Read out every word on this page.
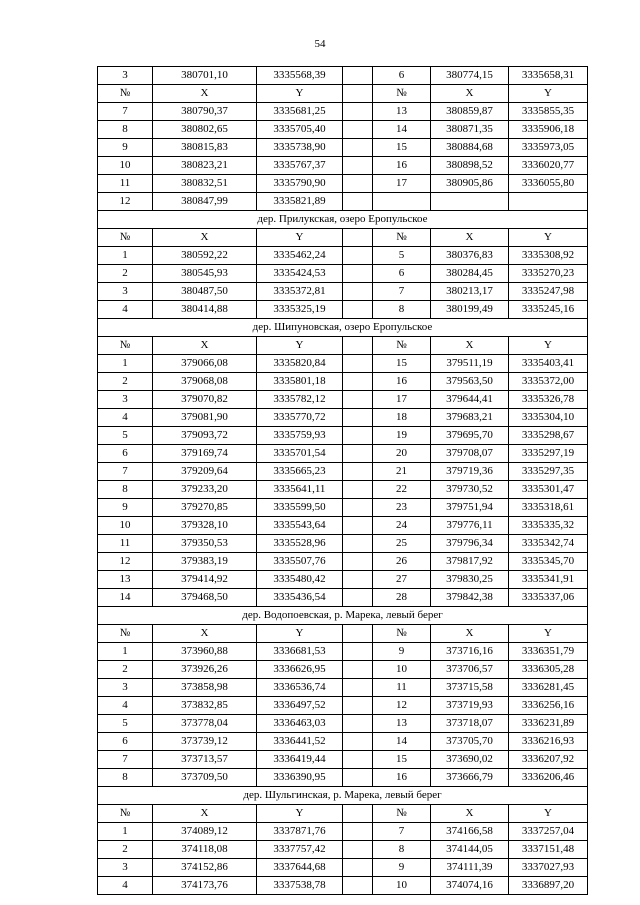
54
3	380701,10	3335568,39		6	380774,15	3335658,31
№	X	Y		№	X	Y
7	380790,37	3335681,25		13	380859,87	3335855,35
8	380802,65	3335705,40		14	380871,35	3335906,18
9	380815,83	3335738,90		15	380884,68	3335973,05
10	380823,21	3335767,37		16	380898,52	3336020,77
11	380832,51	3335790,90		17	380905,86	3336055,80
12	380847,99	3335821,89				
дер. Прилукская, озеро Еропульское						
№	X	Y		№	X	Y
1	380592,22	3335462,24		5	380376,83	3335308,92
2	380545,93	3335424,53		6	380284,45	3335270,23
3	380487,50	3335372,81		7	380213,17	3335247,98
4	380414,88	3335325,19		8	380199,49	3335245,16
дер. Шипуновская, озеро Еропульское						
№	X	Y		№	X	Y
1	379066,08	3335820,84		15	379511,19	3335403,41
2	379068,08	3335801,18		16	379563,50	3335372,00
3	379070,82	3335782,12		17	379644,41	3335326,78
4	379081,90	3335770,72		18	379683,21	3335304,10
5	379093,72	3335759,93		19	379695,70	3335298,67
6	379169,74	3335701,54		20	379708,07	3335297,19
7	379209,64	3335665,23		21	379719,36	3335297,35
8	379233,20	3335641,11		22	379730,52	3335301,47
9	379270,85	3335599,50		23	379751,94	3335318,61
10	379328,10	3335543,64		24	379776,11	3335335,32
11	379350,53	3335528,96		25	379796,34	3335342,74
12	379383,19	3335507,76		26	379817,92	3335345,70
13	379414,92	3335480,42		27	379830,25	3335341,91
14	379468,50	3335436,54		28	379842,38	3335337,06
дер. Водопоевская, р. Марека, левый берег						
№	X	Y		№	X	Y
1	373960,88	3336681,53		9	373716,16	3336351,79
2	373926,26	3336626,95		10	373706,57	3336305,28
3	373858,98	3336536,74		11	373715,58	3336281,45
4	373832,85	3336497,52		12	373719,93	3336256,16
5	373778,04	3336463,03		13	373718,07	3336231,89
6	373739,12	3336441,52		14	373705,70	3336216,93
7	373713,57	3336419,44		15	373690,02	3336207,92
8	373709,50	3336390,95		16	373666,79	3336206,46
дер. Шульгинская, р. Марека, левый берег						
№	X	Y		№	X	Y
1	374089,12	3337871,76		7	374166,58	3337257,04
2	374118,08	3337757,42		8	374144,05	3337151,48
3	374152,86	3337644,68		9	374111,39	3337027,93
4	374173,76	3337538,78		10	374074,16	3336897,20
